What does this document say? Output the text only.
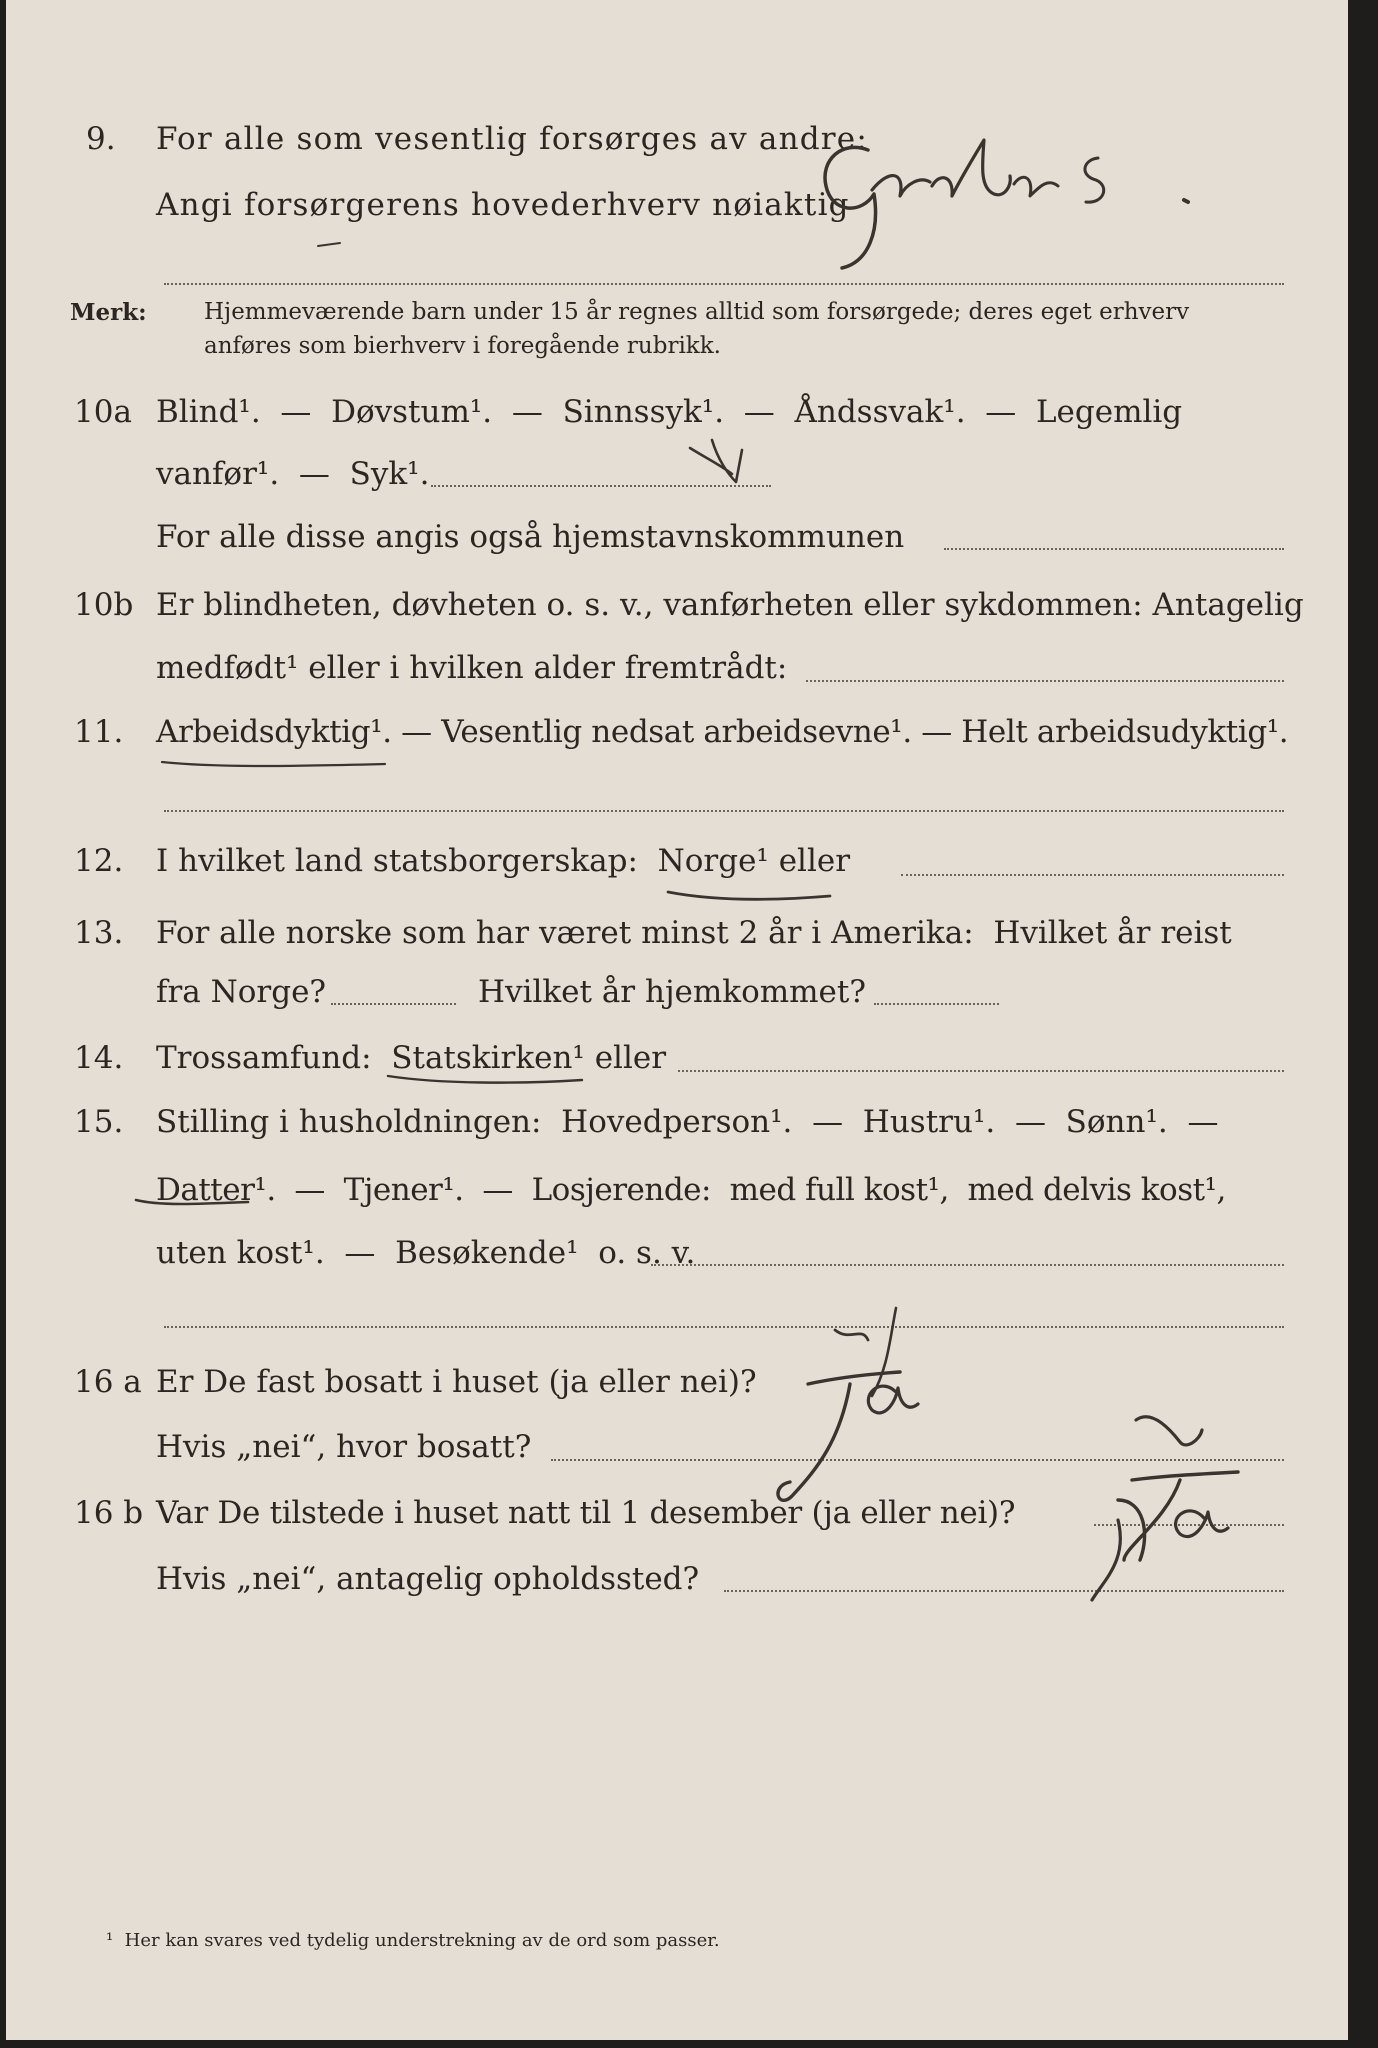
9. For alle som vesentlig forsørges av andre:
Angi forsørgerens hovederhverv nøiaktig
Merk: Hjemmeværende barn under 15 år regnes alltid som forsørgede; deres eget erhverv
anføres som bierhverv i foregående rubrikk.
10a Blind¹.  —  Døvstum¹.  —  Sinnssyk¹.  —  Åndssvak¹.  —  Legemlig
vanfør¹.  —  Syk¹.
For alle disse angis også hjemstavnskommunen
10b Er blindheten, døvheten o. s. v., vanførheten eller sykdommen: Antagelig
medfødt¹ eller i hvilken alder fremtrådt:
11. Arbeidsdyktig¹. — Vesentlig nedsat arbeidsevne¹. — Helt arbeidsudyktig¹.
12. I hvilket land statsborgerskap:  Norge¹ eller
13. For alle norske som har været minst 2 år i Amerika:  Hvilket år reist
fra Norge?	Hvilket år hjemkommet?
14. Trossamfund:  Statskirken¹ eller
15. Stilling i husholdningen:  Hovedperson¹.  —  Hustru¹.  —  Sønn¹.  —
Datter¹.  —  Tjener¹.  —  Losjerende:  med full kost¹,  med delvis kost¹,
uten kost¹.  —  Besøkende¹  o. s. v.
16 a Er De fast bosatt i huset (ja eller nei)?
Hvis „nei“, hvor bosatt?
16 b Var De tilstede i huset natt til 1 desember (ja eller nei)?
Hvis „nei“, antagelig opholdssted?
¹  Her kan svares ved tydelig understrekning av de ord som passer.
